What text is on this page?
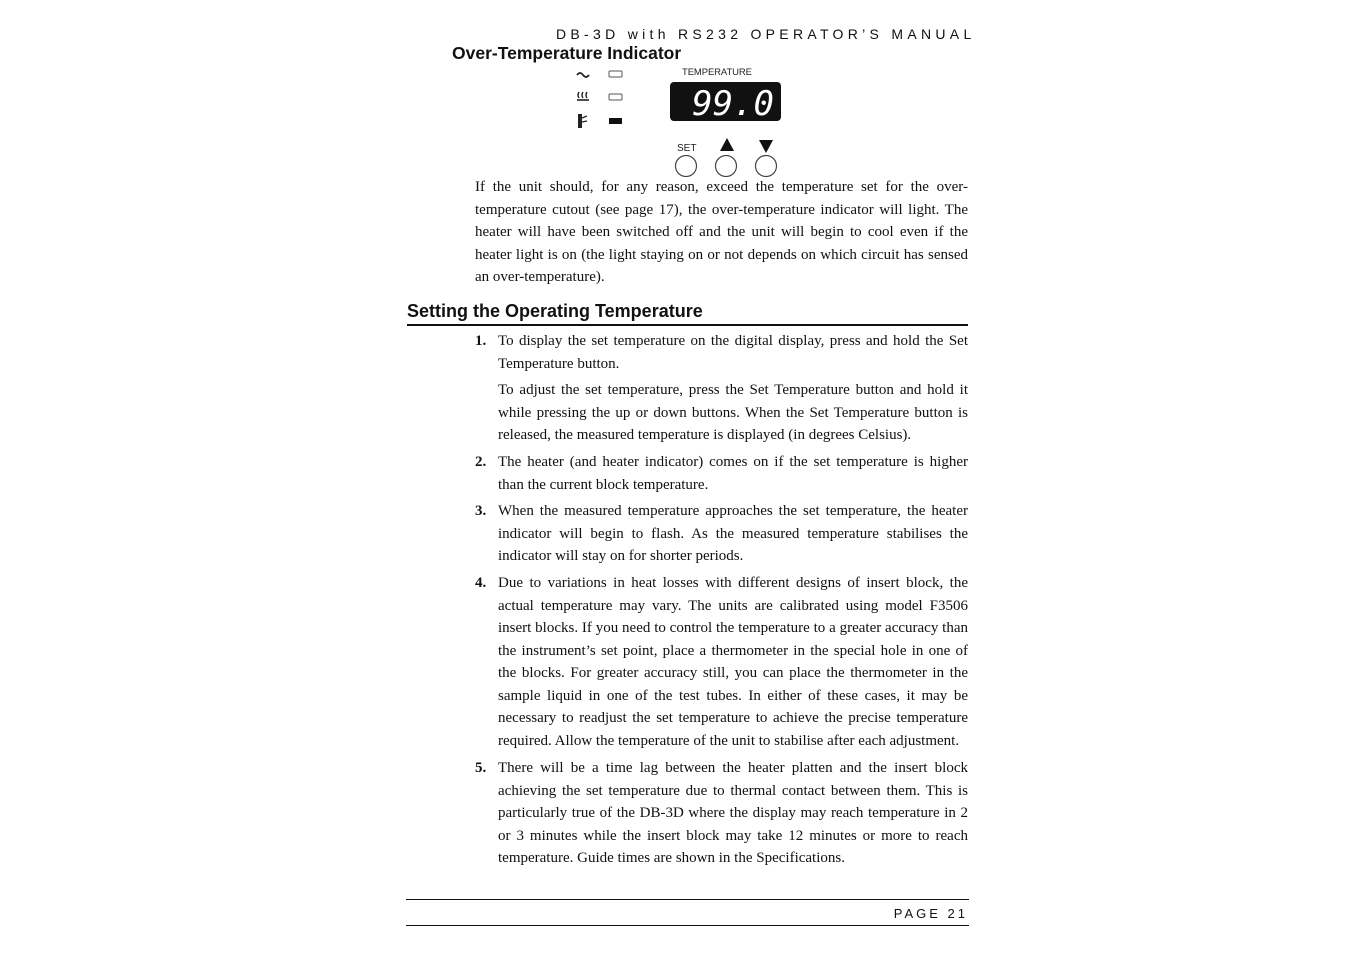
DB-3D with RS232 OPERATOR’S MANUAL
Over-Temperature Indicator
TEMPERATURE
99.0
SET

If the unit should, for any reason, exceed the temperature set for the over-temperature cutout (see page 17), the over-temperature indicator will light. The heater will have been switched off and the unit will begin to cool even if the heater light is on (the light staying on or not depends on which circuit has sensed an over-temperature).

Setting the Operating Temperature
1. To display the set temperature on the digital display, press and hold the Set Temperature button.
To adjust the set temperature, press the Set Temperature button and hold it while pressing the up or down buttons. When the Set Temperature button is released, the measured temperature is displayed (in degrees Celsius).
2. The heater (and heater indicator) comes on if the set temperature is higher than the current block temperature.
3. When the measured temperature approaches the set temperature, the heater indicator will begin to flash. As the measured temperature stabilises the indicator will stay on for shorter periods.
4. Due to variations in heat losses with different designs of insert block, the actual temperature may vary. The units are calibrated using model F3506 insert blocks. If you need to control the temperature to a greater accuracy than the instrument’s set point, place a thermometer in the special hole in one of the blocks. For greater accuracy still, you can place the thermometer in the sample liquid in one of the test tubes. In either of these cases, it may be necessary to readjust the set temperature to achieve the precise temperature required. Allow the temperature of the unit to stabilise after each adjustment.
5. There will be a time lag between the heater platten and the insert block achieving the set temperature due to thermal contact between them. This is particularly true of the DB-3D where the display may reach temperature in 2 or 3 minutes while the insert block may take 12 minutes or more to reach temperature. Guide times are shown in the Specifications.
PAGE 21
